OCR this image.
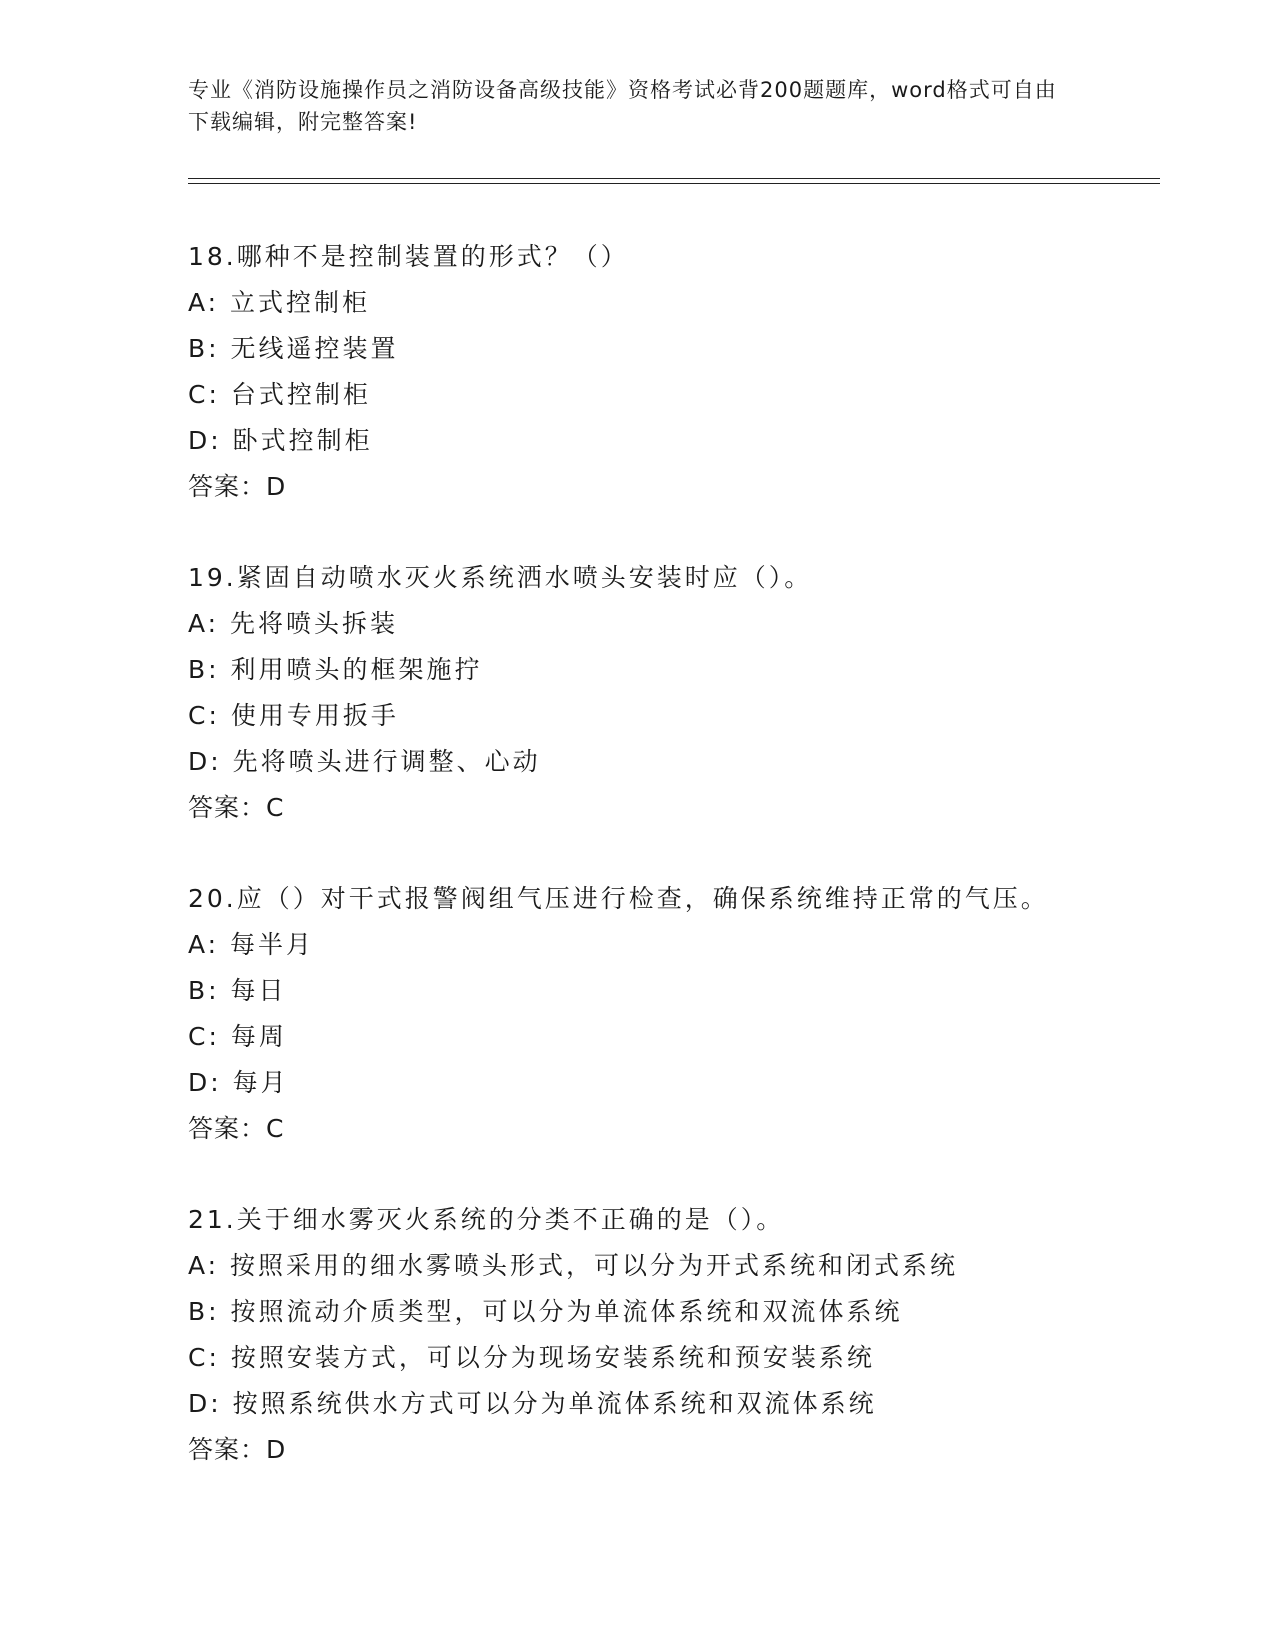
专业《消防设施操作员之消防设备高级技能》资格考试必背200题题库，word格式可自由下载编辑，附完整答案!
18.哪种不是控制装置的形式？（）
A: 立式控制柜
B: 无线遥控装置
C: 台式控制柜
D: 卧式控制柜
答案：D
19.紧固自动喷水灭火系统洒水喷头安装时应（）。
A: 先将喷头拆装
B: 利用喷头的框架施拧
C: 使用专用扳手
D: 先将喷头进行调整、心动
答案：C
20.应（）对干式报警阀组气压进行检查，确保系统维持正常的气压。
A: 每半月
B: 每日
C: 每周
D: 每月
答案：C
21.关于细水雾灭火系统的分类不正确的是（）。
A: 按照采用的细水雾喷头形式，可以分为开式系统和闭式系统
B: 按照流动介质类型，可以分为单流体系统和双流体系统
C: 按照安装方式，可以分为现场安装系统和预安装系统
D: 按照系统供水方式可以分为单流体系统和双流体系统
答案：D
